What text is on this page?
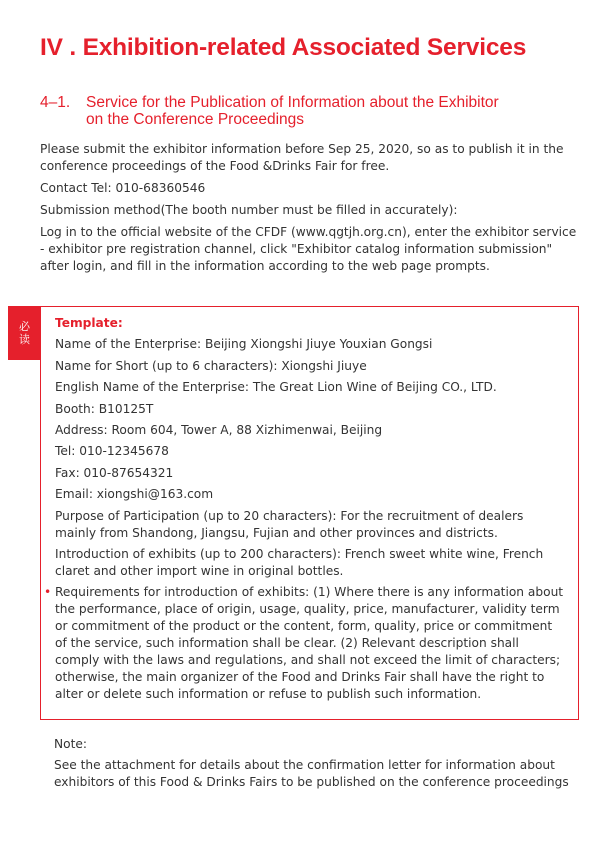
IV . Exhibition-related Associated Services
4–1. Service for the Publication of Information about the Exhibitor
on the Conference Proceedings

Please submit the exhibitor information before Sep 25, 2020, so as to publish it in the conference proceedings of the Food &Drinks Fair for free.

Contact Tel: 010-68360546

Submission method(The booth number must be filled in accurately):

Log in to the official website of the CFDF (www.qgtjh.org.cn), enter the exhibitor service - exhibitor pre registration channel, click "Exhibitor catalog information submission" after login, and fill in the information according to the web page prompts.

必
读

Template:

Name of the Enterprise: Beijing Xiongshi Jiuye Youxian Gongsi

Name for Short (up to 6 characters): Xiongshi Jiuye

English Name of the Enterprise: The Great Lion Wine of Beijing CO., LTD.

Booth: B10125T

Address: Room 604, Tower A, 88 Xizhimenwai, Beijing

Tel: 010-12345678

Fax: 010-87654321

Email: xiongshi@163.com

Purpose of Participation (up to 20 characters): For the recruitment of dealers mainly from Shandong, Jiangsu, Fujian and other provinces and districts.

Introduction of exhibits (up to 200 characters): French sweet white wine, French claret and other import wine in original bottles.

• Requirements for introduction of exhibits: (1) Where there is any information about the performance, place of origin, usage, quality, price, manufacturer, validity term or commitment of the product or the content, form, quality, price or commitment of the service, such information shall be clear. (2) Relevant description shall comply with the laws and regulations, and shall not exceed the limit of characters; otherwise, the main organizer of the Food and Drinks Fair shall have the right to alter or delete such information or refuse to publish such information.

Note:

See the attachment for details about the confirmation letter for information about exhibitors of this Food & Drinks Fairs to be published on the conference proceedings
